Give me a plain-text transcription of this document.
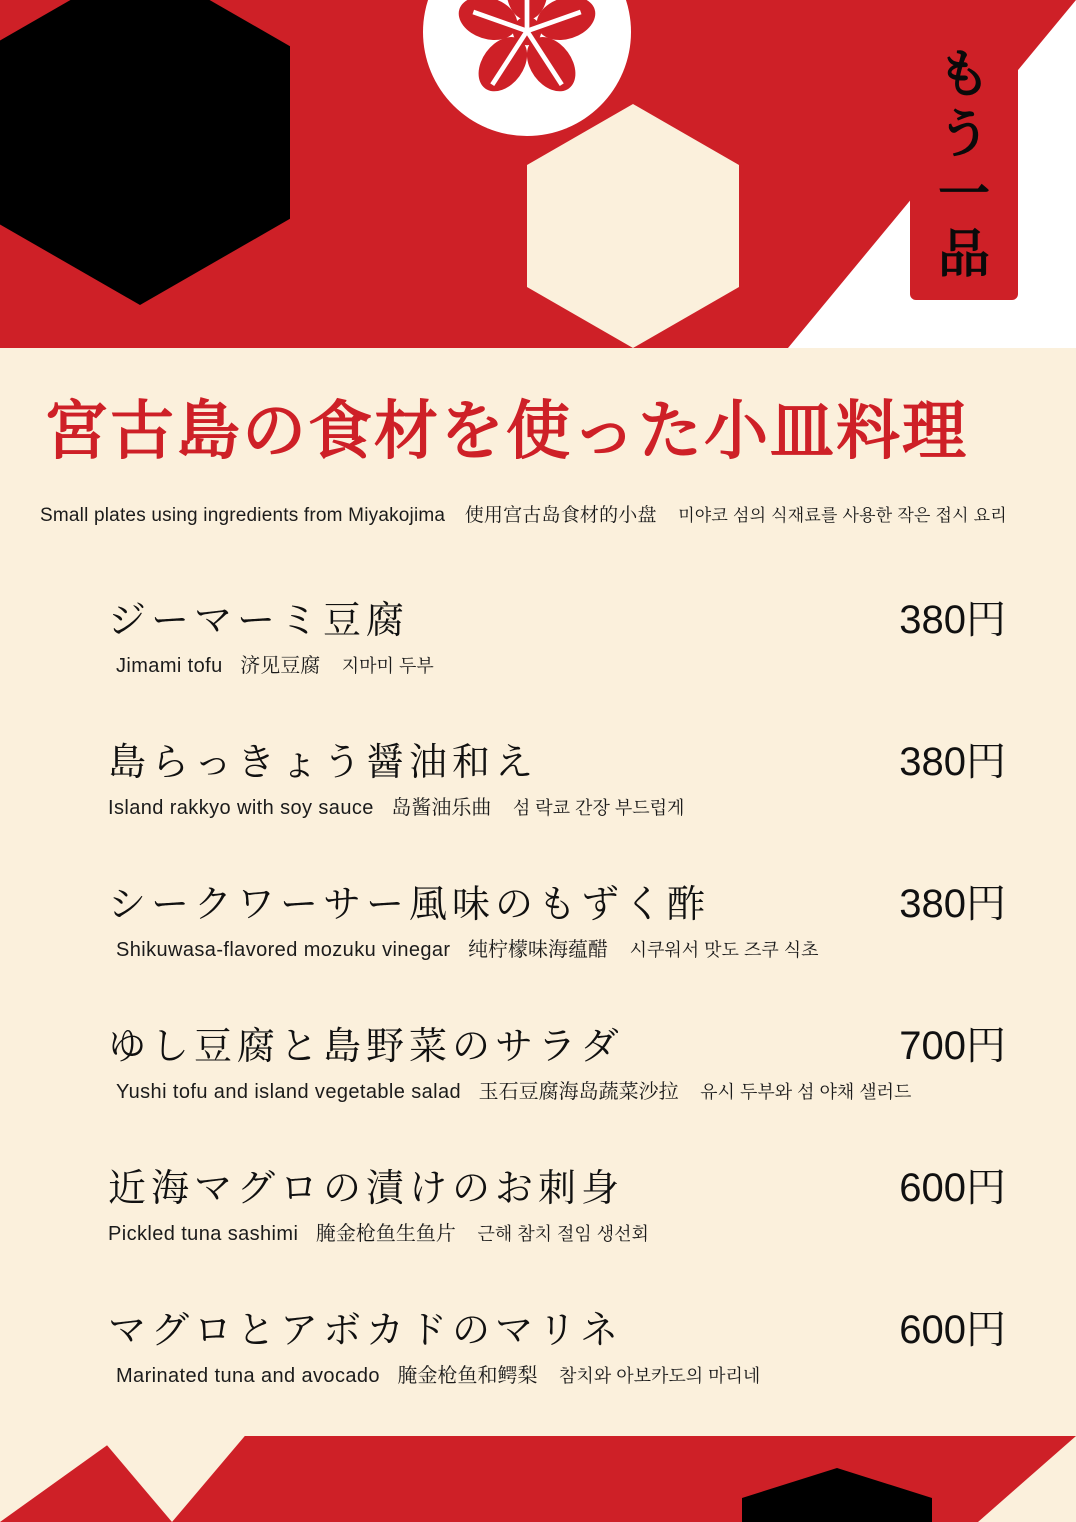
も
う
一
品
宮古島の食材を使った小皿料理
Small plates using ingredients from Miyakojima 使用宫古岛食材的小盘 미야코 섬의 식재료를 사용한 작은 접시 요리
ジーマーミ豆腐	380円
Jimami tofu 济见豆腐 지마미 두부
島らっきょう醤油和え	380円
Island rakkyo with soy sauce 岛酱油乐曲 섬 락쿄 간장 부드럽게
シークワーサー風味のもずく酢	380円
Shikuwasa-flavored mozuku vinegar 纯柠檬味海蕴醋 시쿠워서 맛도 즈쿠 식초
ゆし豆腐と島野菜のサラダ	700円
Yushi tofu and island vegetable salad 玉石豆腐海岛蔬菜沙拉 유시 두부와 섬 야채 샐러드
近海マグロの漬けのお刺身	600円
Pickled tuna sashimi 腌金枪鱼生鱼片 근해 참치 절임 생선회
マグロとアボカドのマリネ	600円
Marinated tuna and avocado 腌金枪鱼和鳄梨 참치와 아보카도의 마리네
